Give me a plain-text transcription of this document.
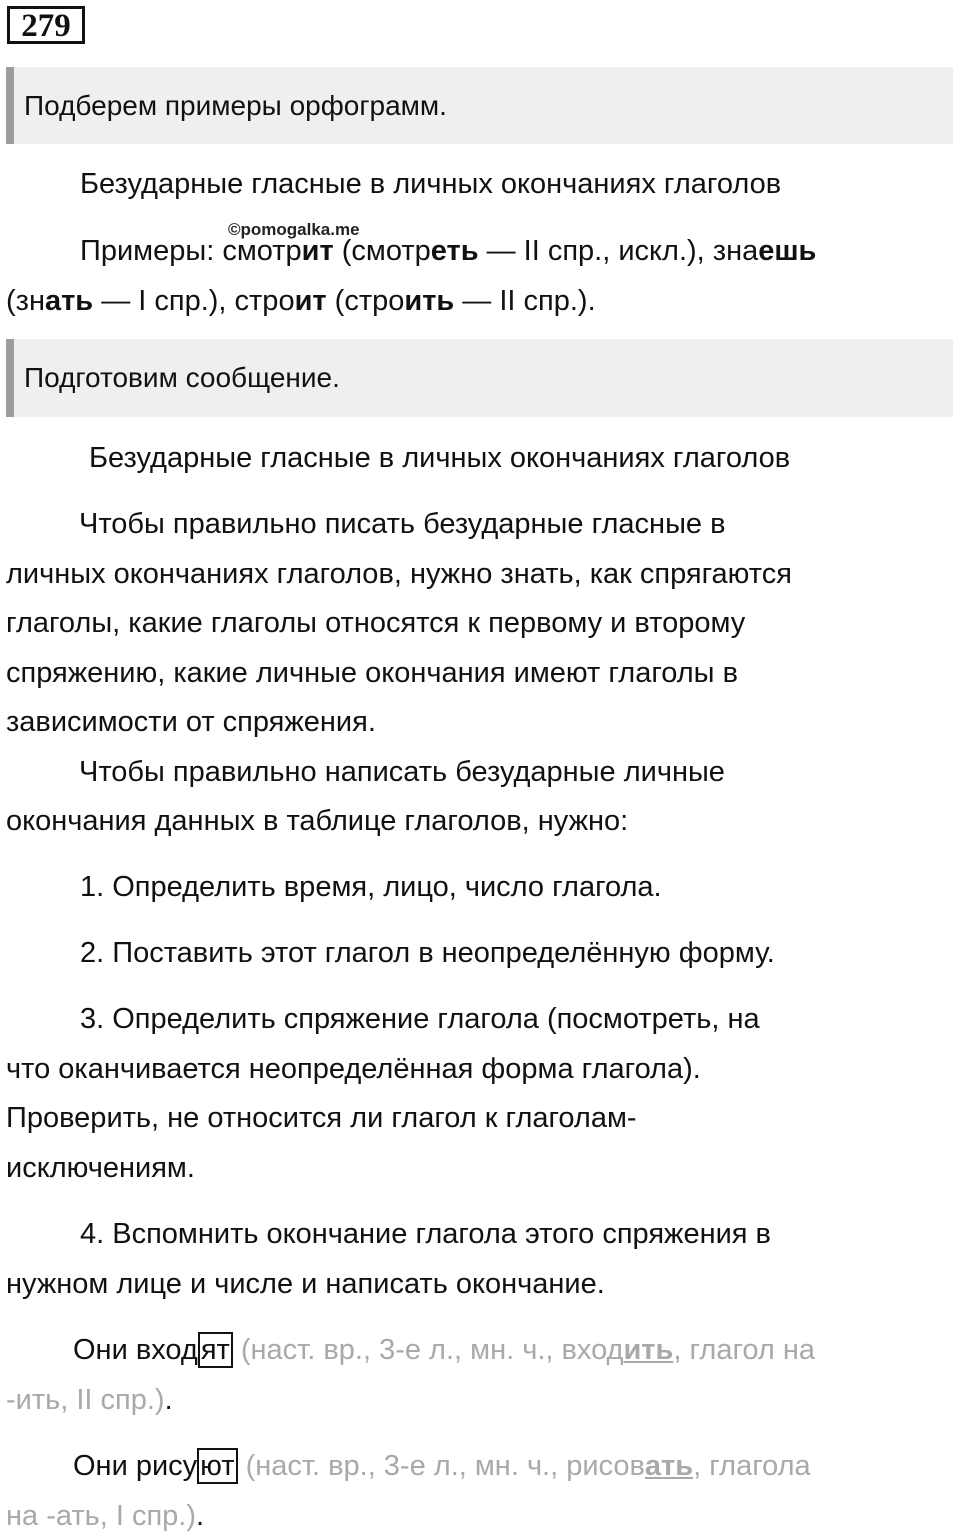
279
Подберем примеры орфограмм.
Безударные гласные в личных окончаниях глаголов
©pomogalka.me
Примеры: смотрит (смотреть — II спр., искл.), знаешь
(знать — I спр.), строит (строить — II спр.).
Подготовим сообщение.
Безударные гласные в личных окончаниях глаголов
Чтобы правильно писать безударные гласные в
личных окончаниях глаголов, нужно знать, как спрягаются
глаголы, какие глаголы относятся к первому и второму
спряжению, какие личные окончания имеют глаголы в
зависимости от спряжения.
Чтобы правильно написать безударные личные
окончания данных в таблице глаголов, нужно:
1. Определить время, лицо, число глагола.
2. Поставить этот глагол в неопределённую форму.
3. Определить спряжение глагола (посмотреть, на
что оканчивается неопределённая форма глагола).
Проверить, не относится ли глагол к глаголам-
исключениям.
4. Вспомнить окончание глагола этого спряжения в
нужном лице и числе и написать окончание.
Они вход ят (наст. вр., 3-е л., мн. ч., входить, глагол на
-ить, II спр.).
Они рису ют (наст. вр., 3-е л., мн. ч., рисовать, глагола
на -ать, I спр.).
